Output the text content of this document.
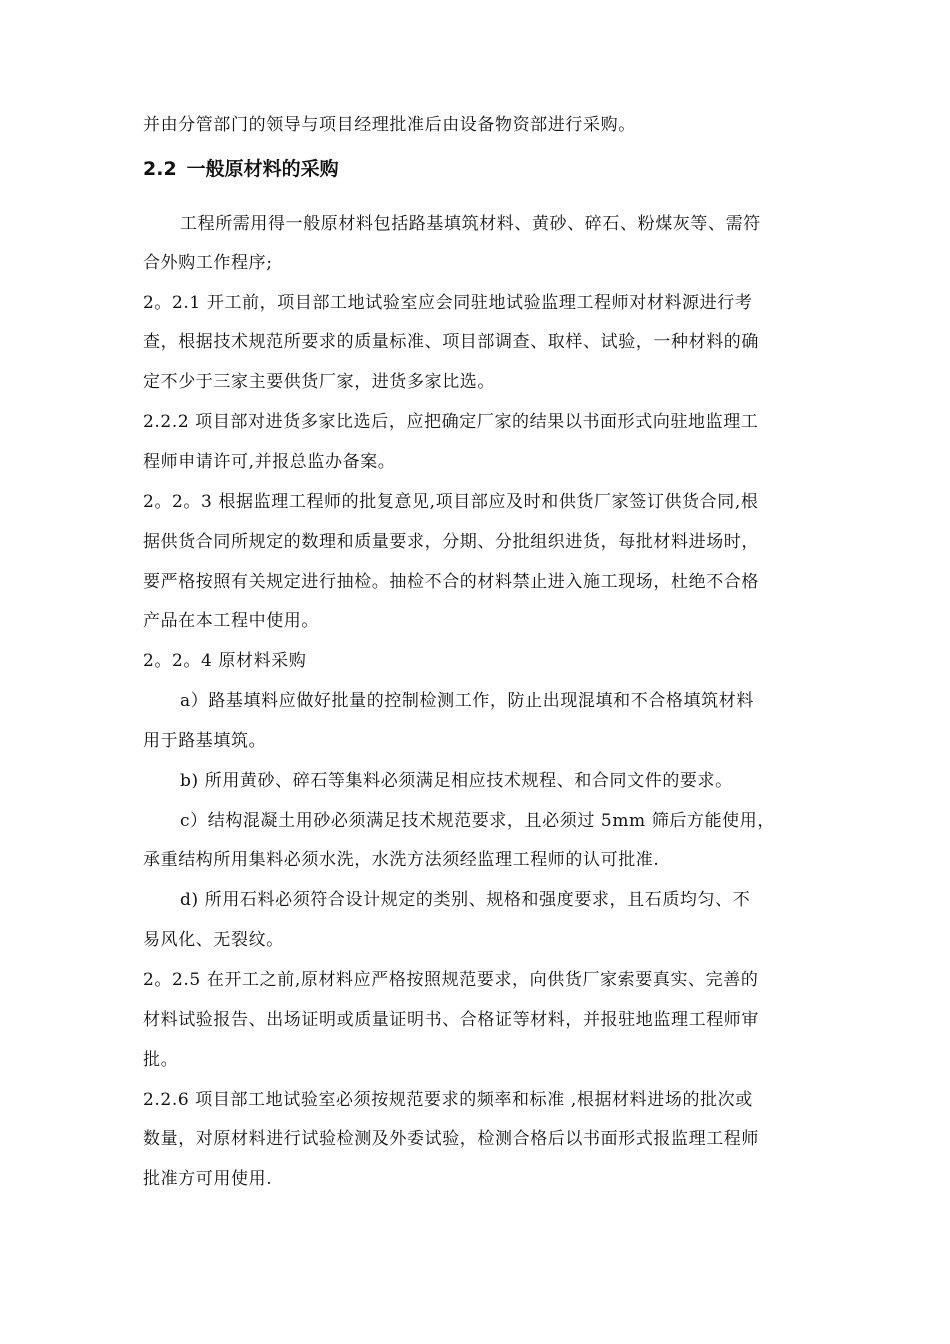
并由分管部门的领导与项目经理批准后由设备物资部进行采购。
2.2 一般原材料的采购
工程所需用得一般原材料包括路基填筑材料、黄砂、碎石、粉煤灰等、需符
合外购工作程序;
2。2.1 开工前，项目部工地试验室应会同驻地试验监理工程师对材料源进行考
查，根据技术规范所要求的质量标准、项目部调查、取样、试验，一种材料的确
定不少于三家主要供货厂家，进货多家比选。
2.2.2 项目部对进货多家比选后，应把确定厂家的结果以书面形式向驻地监理工
程师申请许可,并报总监办备案。
2。2。3 根据监理工程师的批复意见,项目部应及时和供货厂家签订供货合同,根
据供货合同所规定的数理和质量要求，分期、分批组织进货，每批材料进场时，
要严格按照有关规定进行抽检。抽检不合的材料禁止进入施工现场，杜绝不合格
产品在本工程中使用。
2。2。4 原材料采购
a）路基填料应做好批量的控制检测工作，防止出现混填和不合格填筑材料
用于路基填筑。
b) 所用黄砂、碎石等集料必须满足相应技术规程、和合同文件的要求。
c）结构混凝土用砂必须满足技术规范要求，且必须过 5mm 筛后方能使用，
承重结构所用集料必须水洗，水洗方法须经监理工程师的认可批准.
d) 所用石料必须符合设计规定的类别、规格和强度要求，且石质均匀、不
易风化、无裂纹。
2。2.5 在开工之前,原材料应严格按照规范要求，向供货厂家索要真实、完善的
材料试验报告、出场证明或质量证明书、合格证等材料，并报驻地监理工程师审
批。
2.2.6 项目部工地试验室必须按规范要求的频率和标准 ,根据材料进场的批次或
数量，对原材料进行试验检测及外委试验，检测合格后以书面形式报监理工程师
批准方可用使用.
